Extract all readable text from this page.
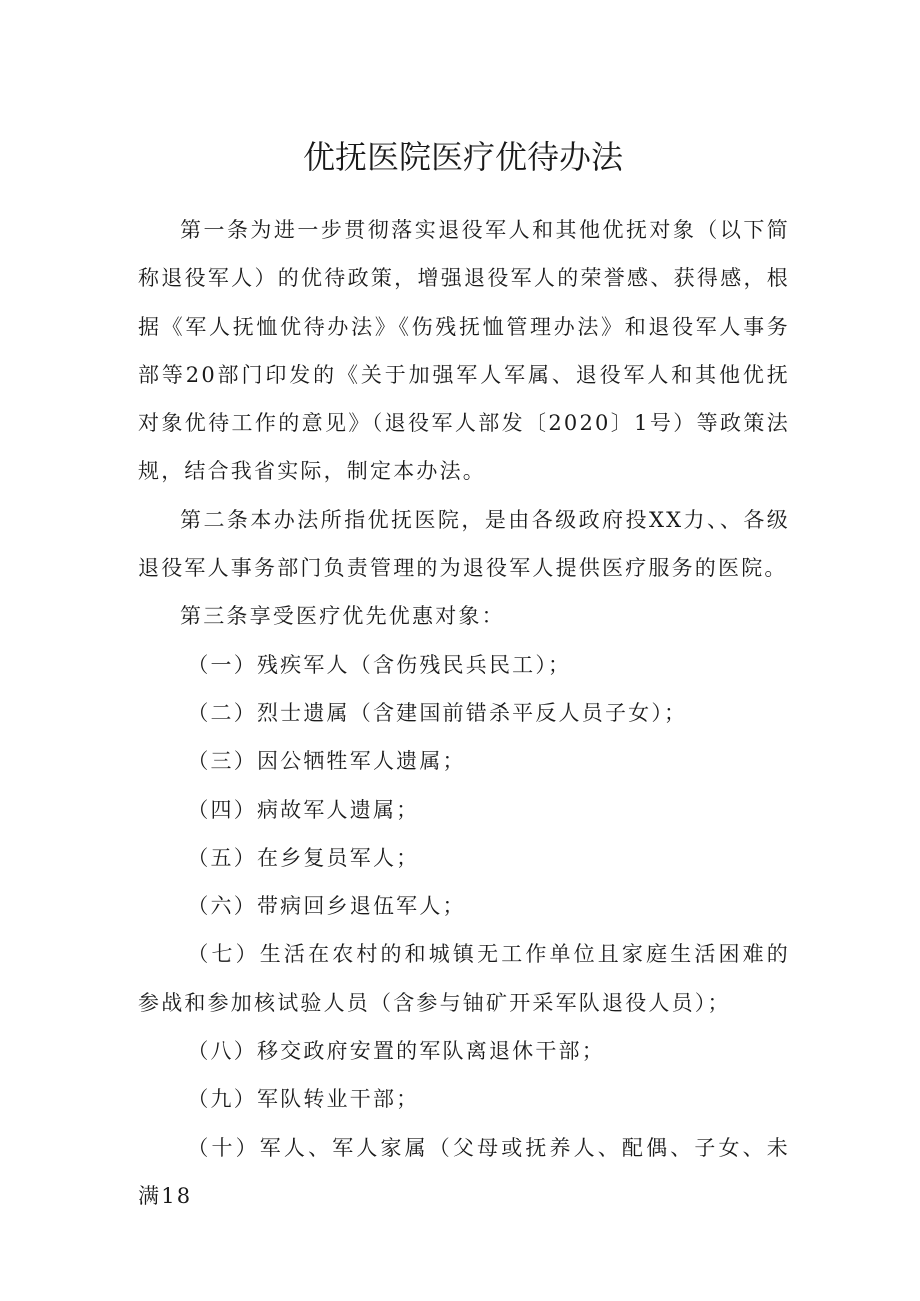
优抚医院医疗优待办法

第一条为进一步贯彻落实退役军人和其他优抚对象（以下简称退役军人）的优待政策，增强退役军人的荣誉感、获得感，根据《军人抚恤优待办法》《伤残抚恤管理办法》和退役军人事务部等20部门印发的《关于加强军人军属、退役军人和其他优抚对象优待工作的意见》（退役军人部发〔2020〕1号）等政策法规，结合我省实际，制定本办法。

第二条本办法所指优抚医院，是由各级政府投XX力、、各级退役军人事务部门负责管理的为退役军人提供医疗服务的医院。

第三条享受医疗优先优惠对象：

（一）残疾军人（含伤残民兵民工）；

（二）烈士遗属（含建国前错杀平反人员子女）；

（三）因公牺牲军人遗属；

（四）病故军人遗属；

（五）在乡复员军人；

（六）带病回乡退伍军人；

（七）生活在农村的和城镇无工作单位且家庭生活困难的参战和参加核试验人员（含参与铀矿开采军队退役人员）；

（八）移交政府安置的军队离退休干部；

（九）军队转业干部；

（十）军人、军人家属（父母或抚养人、配偶、子女、未满18
